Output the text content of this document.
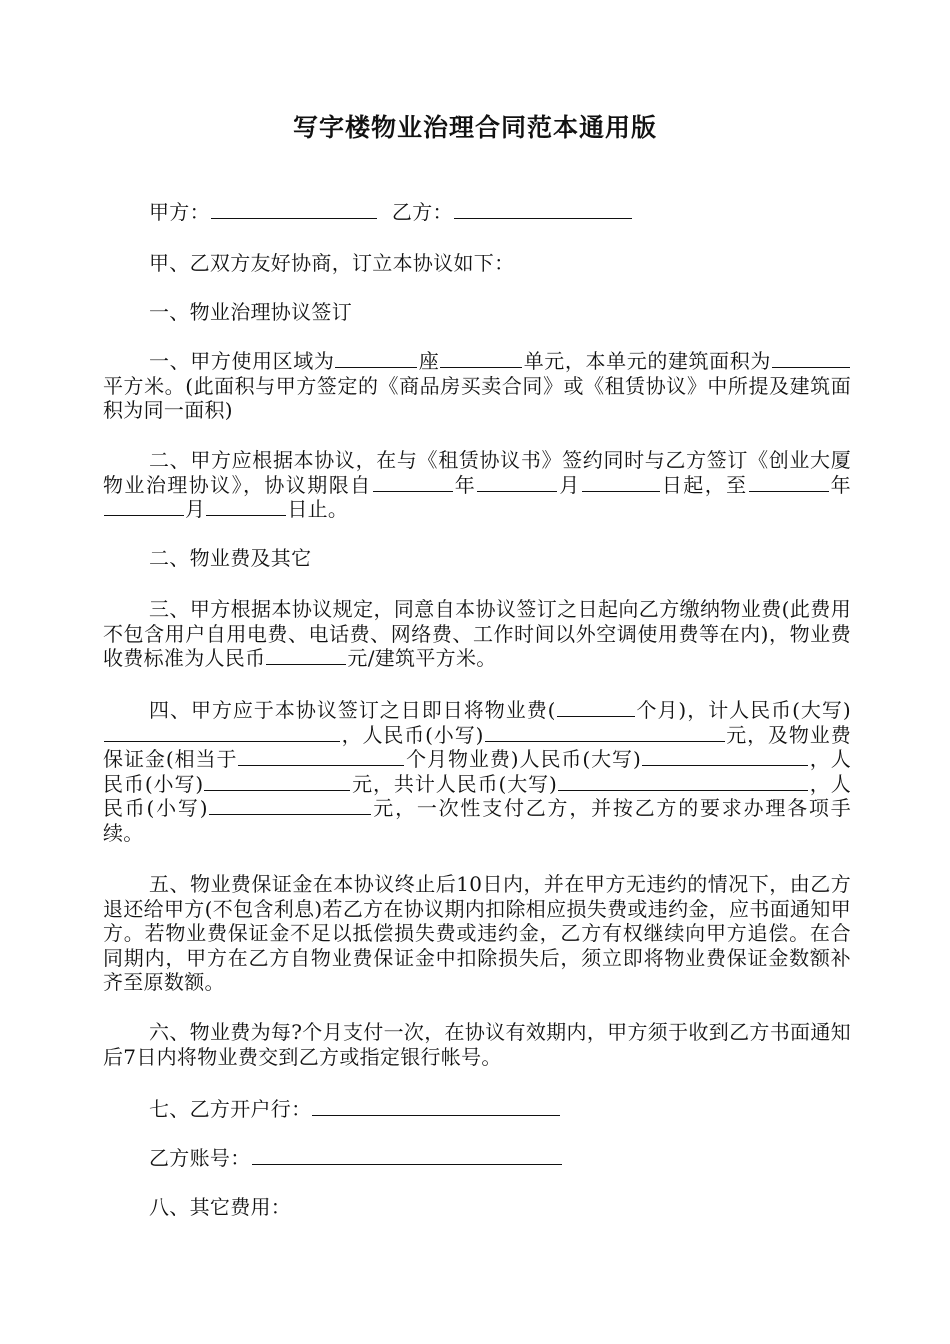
写字楼物业治理合同范本通用版

甲方：	乙方：

甲、乙双方友好协商，订立本协议如下：

一、物业治理协议签订

一、甲方使用区域为	座	单元，本单元的建筑面积为平方米。(此面积与甲方签定的《商品房买卖合同》或《租赁协议》中所提及建筑面积为同一面积)

二、甲方应根据本协议，在与《租赁协议书》签约同时与乙方签订《创业大厦物业治理协议》，协议期限自	年	月	日起，至	年月	日止。

二、物业费及其它

三、甲方根据本协议规定，同意自本协议签订之日起向乙方缴纳物业费(此费用不包含用户自用电费、电话费、网络费、工作时间以外空调使用费等在内)，物业费收费标准为人民币	元/建筑平方米。

四、甲方应于本协议签订之日即日将物业费(	个月)，计人民币(大写)，人民币(小写)	元，及物业费保证金(相当于	个月物业费)人民币(大写)	，人民币(小写)	元，共计人民币(大写)	，人民币(小写)	元，一次性支付乙方，并按乙方的要求办理各项手续。

五、物业费保证金在本协议终止后10日内，并在甲方无违约的情况下，由乙方退还给甲方(不包含利息)若乙方在协议期内扣除相应损失费或违约金，应书面通知甲方。若物业费保证金不足以抵偿损失费或违约金，乙方有权继续向甲方追偿。在合同期内，甲方在乙方自物业费保证金中扣除损失后，须立即将物业费保证金数额补齐至原数额。

六、物业费为每?个月支付一次，在协议有效期内，甲方须于收到乙方书面通知后7日内将物业费交到乙方或指定银行帐号。

七、乙方开户行：

乙方账号：

八、其它费用：
